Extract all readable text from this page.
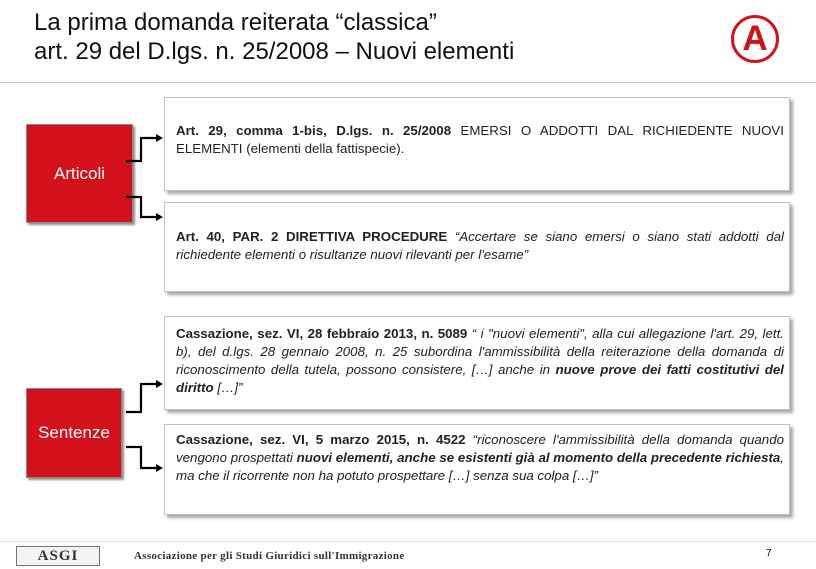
La prima domanda reiterata “classica”
art. 29 del D.lgs. n. 25/2008 – Nuovi elementi	A
Articoli
Sentenze
Art. 29, comma 1-bis, D.lgs. n. 25/2008 EMERSI O ADDOTTI DAL RICHIEDENTE NUOVI ELEMENTI (elementi della fattispecie).
Art. 40, PAR. 2 DIRETTIVA PROCEDURE “Accertare se siano emersi o siano stati addotti dal richiedente elementi o risultanze nuovi rilevanti per l'esame”
Cassazione, sez. VI, 28 febbraio 2013, n. 5089 “ i "nuovi elementi", alla cui allegazione l'art. 29, lett. b), del d.lgs. 28 gennaio 2008, n. 25 subordina l'ammissibilità della reiterazione della domanda di riconoscimento della tutela, possono consistere, […] anche in nuove prove dei fatti costitutivi del diritto […]”
Cassazione, sez. VI, 5 marzo 2015, n. 4522 “riconoscere l'ammissibilità della domanda quando vengono prospettati nuovi elementi, anche se esistenti già al momento della precedente richiesta, ma che il ricorrente non ha potuto prospettare […] senza sua colpa […]”
ASGI	Associazione per gli Studi Giuridici sull'Immigrazione	7
